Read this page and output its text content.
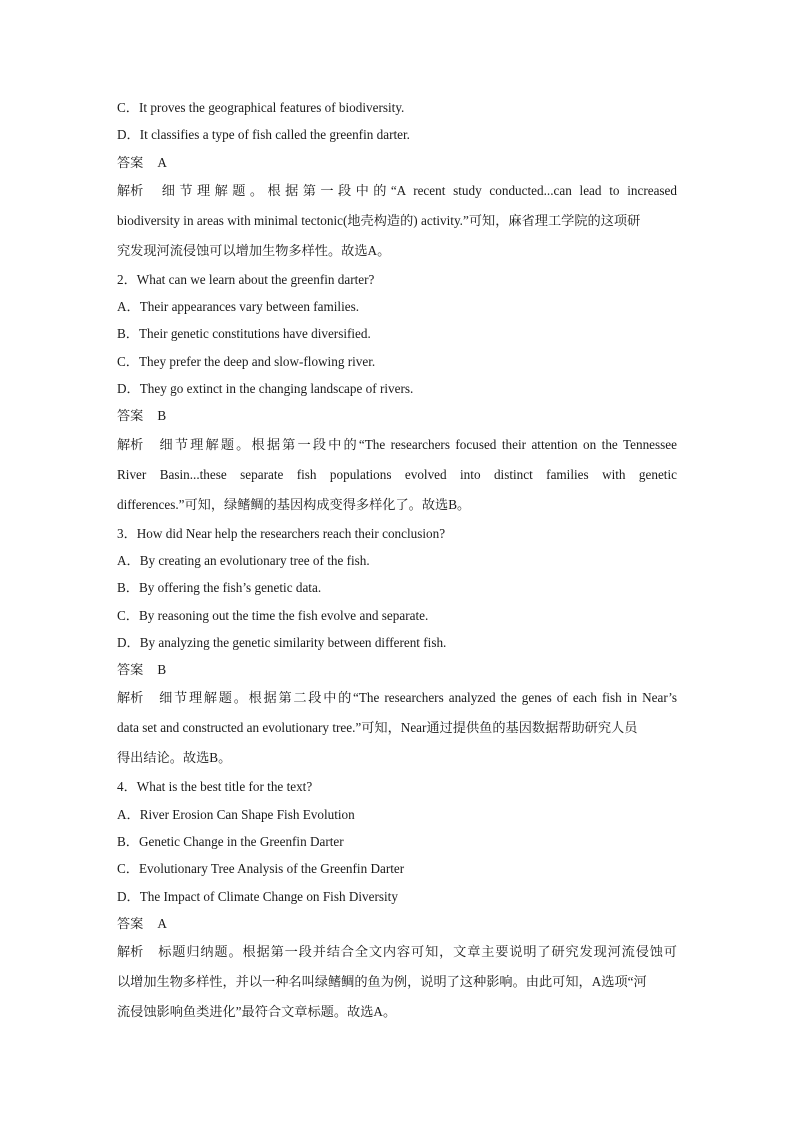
C．It proves the geographical features of biodiversity.
D．It classifies a type of fish called the greenfin darter.
答案 A
解析 细节理解题。根据第一段中的“A recent study conducted...can lead to increased
biodiversity in areas with minimal tectonic(地壳构造的) activity.”可知，麻省理工学院的这项研
究发现河流侵蚀可以增加生物多样性。故选A。
2．What can we learn about the greenfin darter?
A．Their appearances vary between families.
B．Their genetic constitutions have diversified.
C．They prefer the deep and slow-flowing river.
D．They go extinct in the changing landscape of rivers.
答案 B
解析 细节理解题。根据第一段中的“The researchers focused their attention on the Tennessee
River Basin...these separate fish populations evolved into distinct families with genetic
differences.”可知，绿鳍鲷的基因构成变得多样化了。故选B。
3．How did Near help the researchers reach their conclusion?
A．By creating an evolutionary tree of the fish.
B．By offering the fish’s genetic data.
C．By reasoning out the time the fish evolve and separate.
D．By analyzing the genetic similarity between different fish.
答案 B
解析 细节理解题。根据第二段中的“The researchers analyzed the genes of each fish in Near’s
data set and constructed an evolutionary tree.”可知，Near通过提供鱼的基因数据帮助研究人员
得出结论。故选B。
4．What is the best title for the text?
A．River Erosion Can Shape Fish Evolution
B．Genetic Change in the Greenfin Darter
C．Evolutionary Tree Analysis of the Greenfin Darter
D．The Impact of Climate Change on Fish Diversity
答案 A
解析 标题归纳题。根据第一段并结合全文内容可知，文章主要说明了研究发现河流侵蚀可
以增加生物多样性，并以一种名叫绿鳍鲷的鱼为例，说明了这种影响。由此可知，A选项“河
流侵蚀影响鱼类进化”最符合文章标题。故选A。
